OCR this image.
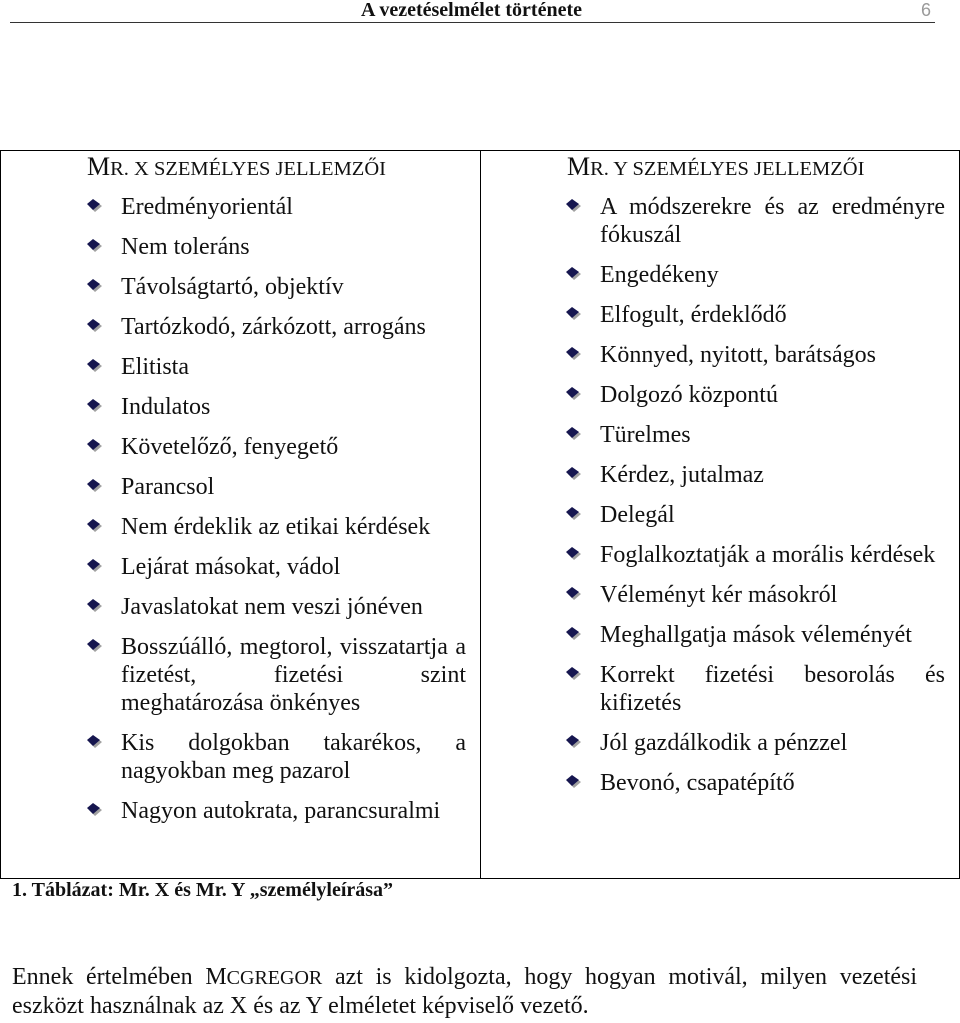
A vezetéselmélet története	6
MR. X SZEMÉLYES JELLEMZŐI	MR. Y SZEMÉLYES JELLEMZŐI
Eredményorientál
Nem toleráns
Távolságtartó, objektív
Tartózkodó, zárkózott, arrogáns
Elitista
Indulatos
Követelőző, fenyegető
Parancsol
Nem érdeklik az etikai kérdések
Lejárat másokat, vádol
Javaslatokat nem veszi jónéven
Bosszúálló, megtorol, visszatartja a fizetést, fizetési szint meghatározása önkényes
Kis dolgokban takarékos, a nagyokban meg pazarol
Nagyon autokrata, parancsuralmi
A módszerekre és az eredményre fókuszál
Engedékeny
Elfogult, érdeklődő
Könnyed, nyitott, barátságos
Dolgozó központú
Türelmes
Kérdez, jutalmaz
Delegál
Foglalkoztatják a morális kérdések
Véleményt kér másokról
Meghallgatja mások véleményét
Korrekt fizetési besorolás és kifizetés
Jól gazdálkodik a pénzzel
Bevonó, csapatépítő
1. Táblázat: Mr. X és Mr. Y „személyleírása”
Ennek értelmében MCGREGOR azt is kidolgozta, hogy hogyan motivál, milyen vezetési eszközt használnak az X és az Y elméletet képviselő vezető.
